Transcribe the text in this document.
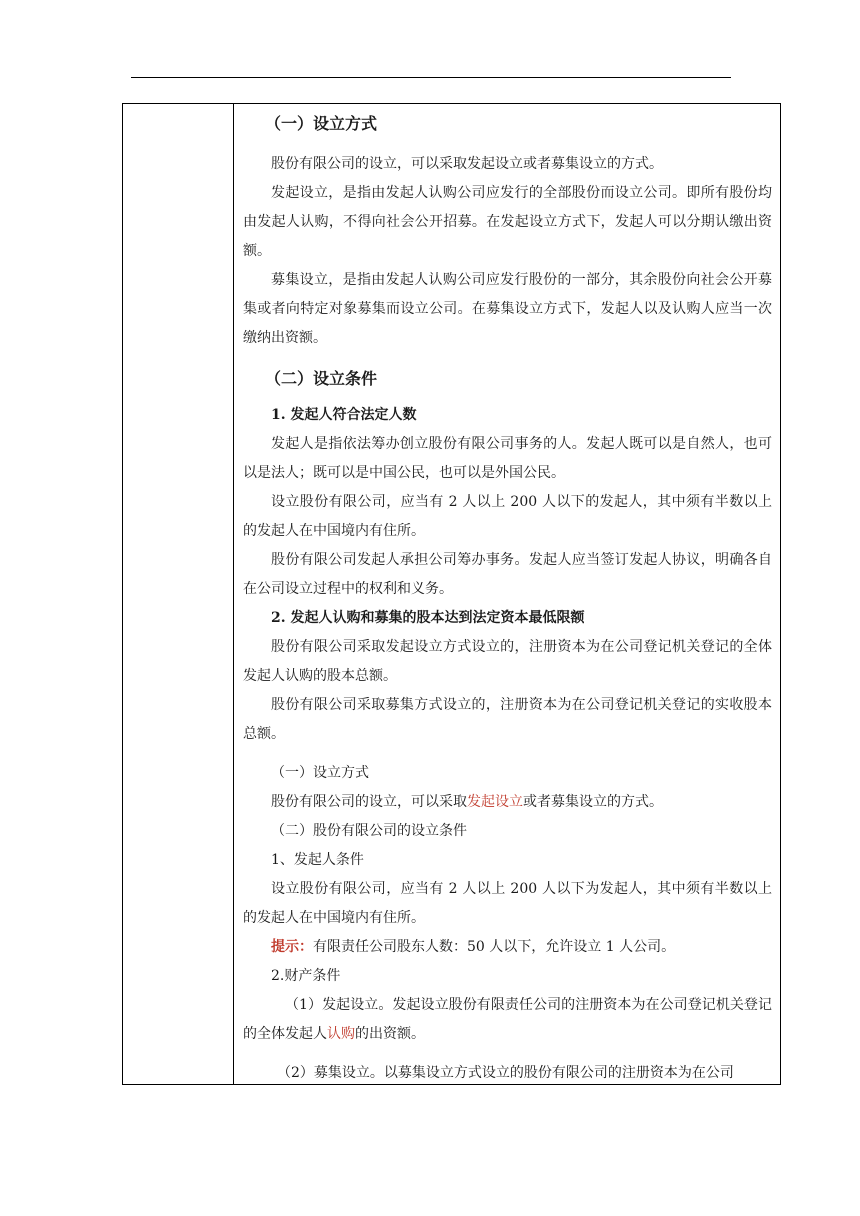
（一）设立方式

股份有限公司的设立，可以采取发起设立或者募集设立的方式。

发起设立，是指由发起人认购公司应发行的全部股份而设立公司。即所有股份均由发起人认购，不得向社会公开招募。在发起设立方式下，发起人可以分期认缴出资额。

募集设立，是指由发起人认购公司应发行股份的一部分，其余股份向社会公开募集或者向特定对象募集而设立公司。在募集设立方式下，发起人以及认购人应当一次缴纳出资额。

（二）设立条件

1. 发起人符合法定人数

发起人是指依法筹办创立股份有限公司事务的人。发起人既可以是自然人，也可以是法人；既可以是中国公民，也可以是外国公民。

设立股份有限公司，应当有 2 人以上 200 人以下的发起人，其中须有半数以上的发起人在中国境内有住所。

股份有限公司发起人承担公司筹办事务。发起人应当签订发起人协议，明确各自在公司设立过程中的权利和义务。

2. 发起人认购和募集的股本达到法定资本最低限额

股份有限公司采取发起设立方式设立的，注册资本为在公司登记机关登记的全体发起人认购的股本总额。

股份有限公司采取募集方式设立的，注册资本为在公司登记机关登记的实收股本总额。

（一）设立方式

股份有限公司的设立，可以采取发起设立或者募集设立的方式。

（二）股份有限公司的设立条件

1、发起人条件

设立股份有限公司，应当有 2 人以上 200 人以下为发起人，其中须有半数以上的发起人在中国境内有住所。

提示：有限责任公司股东人数：50 人以下，允许设立 1 人公司。

2.财产条件

（1）发起设立。发起设立股份有限责任公司的注册资本为在公司登记机关登记的全体发起人认购的出资额。

（2）募集设立。以募集设立方式设立的股份有限公司的注册资本为在公司
